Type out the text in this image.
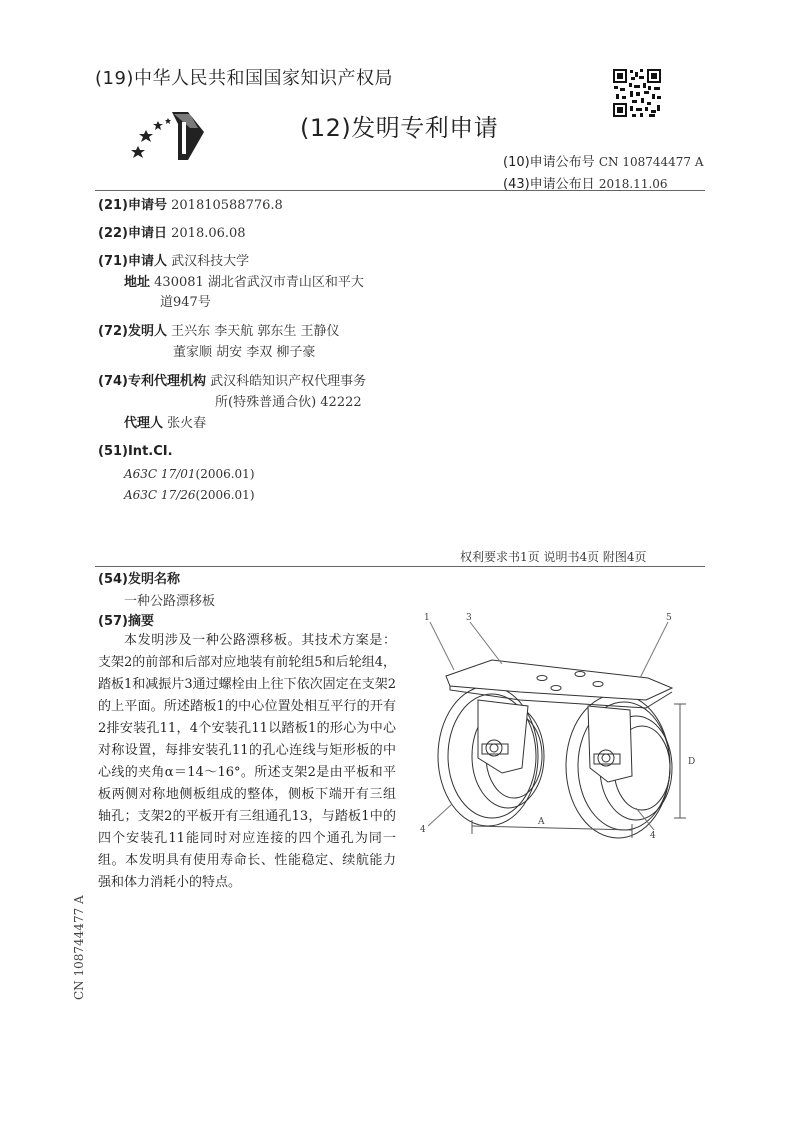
(19)中华人民共和国国家知识产权局
(12)发明专利申请
(10)申请公布号 CN 108744477 A
(43)申请公布日 2018.11.06
(21)申请号 201810588776.8
(22)申请日 2018.06.08
(71)申请人 武汉科技大学
地址 430081 湖北省武汉市青山区和平大
道947号
(72)发明人 王兴东 李天航 郭东生 王静仪
董家顺 胡安 李双 柳子豪
(74)专利代理机构 武汉科皓知识产权代理事务
所(特殊普通合伙) 42222
代理人 张火春
(51)Int.CI.
A63C 17/01(2006.01)
A63C 17/26(2006.01)
权利要求书1页 说明书4页 附图4页
(54)发明名称
一种公路漂移板
(57)摘要
本发明涉及一种公路漂移板。其技术方案是：支架2的前部和后部对应地装有前轮组5和后轮组4，踏板1和减振片3通过螺栓由上往下依次固定在支架2的上平面。所述踏板1的中心位置处相互平行的开有2排安装孔11，4个安装孔11以踏板1的形心为中心对称设置，每排安装孔11的孔心连线与矩形板的中心线的夹角α＝14～16°。所述支架2是由平板和平板两侧对称地侧板组成的整体，侧板下端开有三组轴孔；支架2的平板开有三组通孔13，与踏板1中的四个安装孔11能同时对应连接的四个通孔为同一组。本发明具有使用寿命长、性能稳定、续航能力强和体力消耗小的特点。
1	3	5
4
4
A
D
CN 108744477 A
